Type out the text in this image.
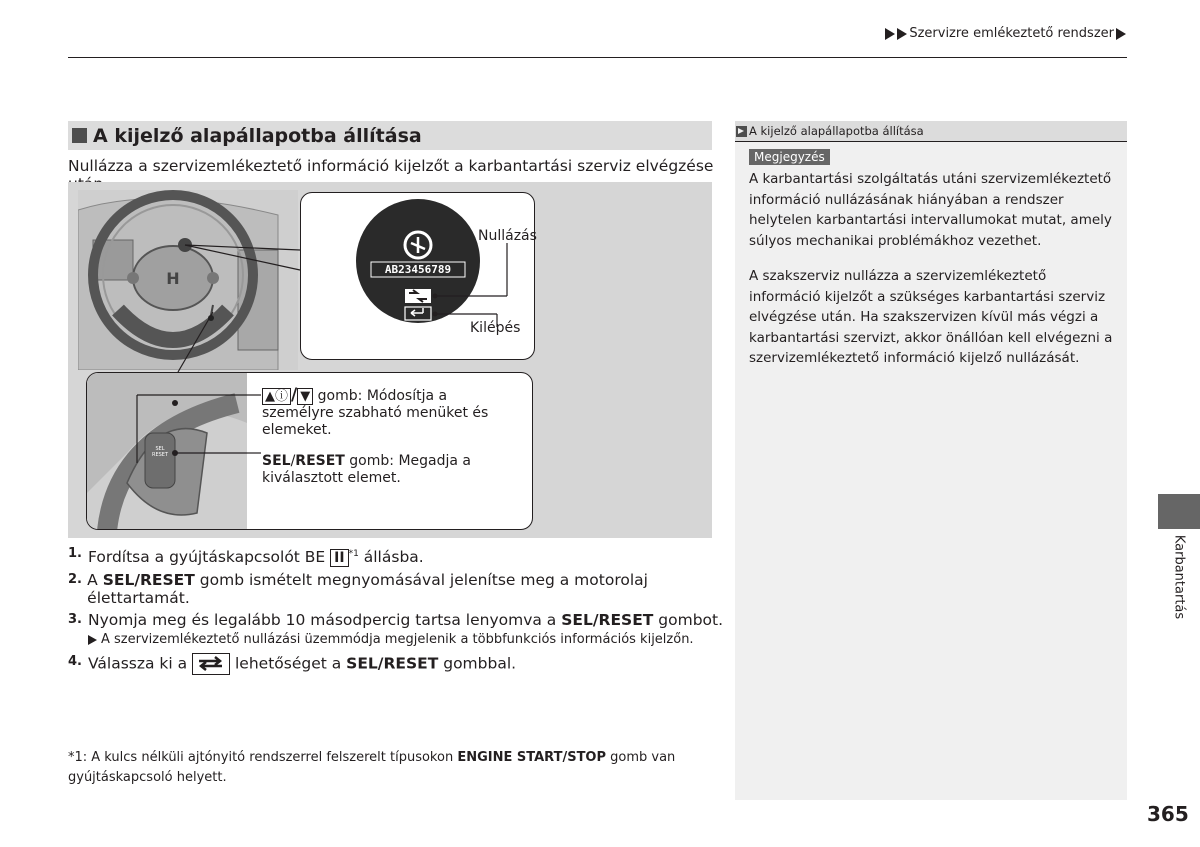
Szervizre emlékeztető rendszer
A kijelző alapállapotba állítása
Nullázza a szervizemlékeztető információ kijelzőt a karbantartási szerviz elvégzése
H	AB23456789
Nullázás
Kilépés
SEL
RESET
▲ⓘ / ▼ gomb: Módosítja a személyre szabható menüket és elemeket.
SEL/RESET gomb: Megadja a kiválasztott elemet.
1. Fordítsa a gyújtáskapcsolót BE II $^{*1}$ állásba.
2. A SEL/RESET gomb ismételt megnyomásával jelenítse meg a motorolaj élettartamát.
3. Nyomja meg és legalább 10 másodpercig tartsa lenyomva a SEL/RESET gombot.
A szervizemlékeztető nullázási üzemmódja megjelenik a többfunkciós információs kijelzőn.
4. Válassza ki a  lehetőséget a SEL/RESET gombbal.
*1: A kulcs nélküli ajtónyitó rendszerrel felszerelt típusokon ENGINE START/STOP gomb van gyújtáskapcsoló helyett.
A kijelző alapállapotba állítása
Megjegyzés
A karbantartási szolgáltatás utáni szervizemlékeztető információ nullázásának hiányában a rendszer helytelen karbantartási intervallumokat mutat, amely súlyos mechanikai problémákhoz vezethet.
A szakszerviz nullázza a szervizemlékeztető információ kijelzőt a szükséges karbantartási szerviz elvégzése után. Ha szakszervizen kívül más végzi a karbantartási szervizt, akkor önállóan kell elvégezni a szervizemlékeztető információ kijelző nullázását.
Karbantartás
365
